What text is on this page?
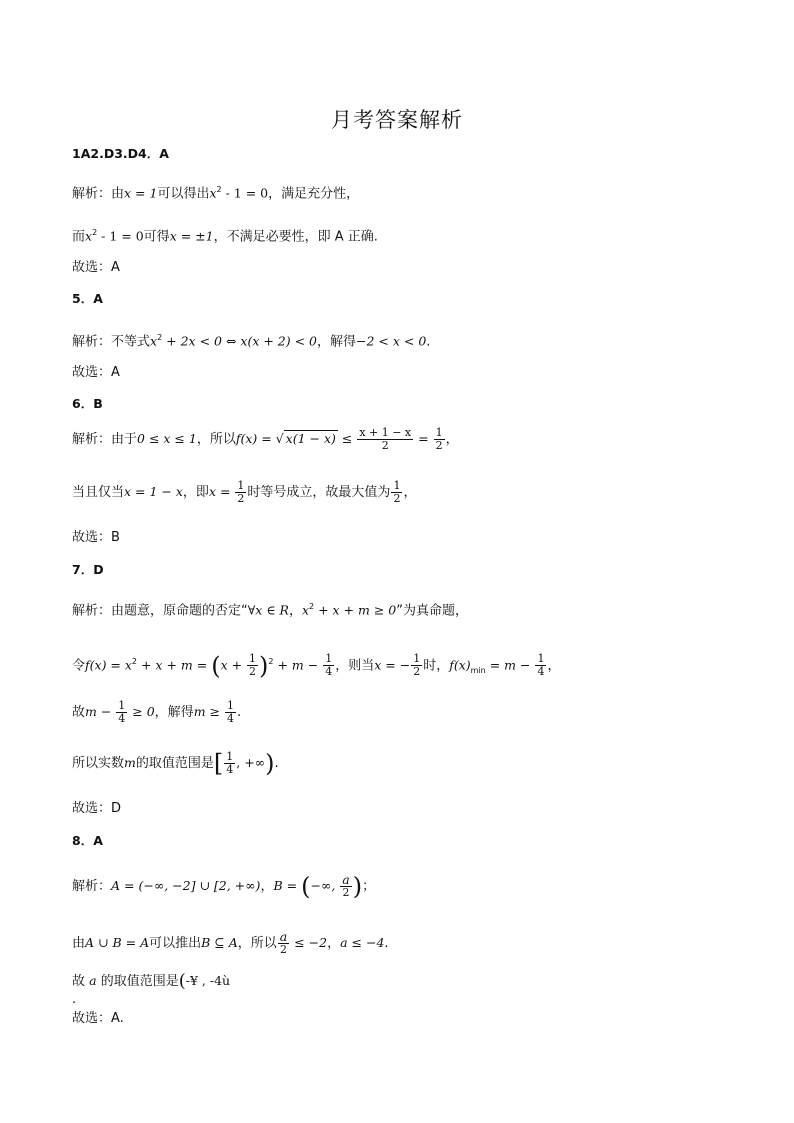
月考答案解析
1A2.D3.D4．A
解析：由x = 1可以得出$x^2 - 1 = 0$，满足充分性，
而$x^2 - 1 = 0$可得x = ±1，不满足必要性，即 A 正确.
故选：A
5．A
解析：不等式$x^2 + 2x < 0$ ⇔ x(x + 2) < 0，解得−2 < x < 0.
故选：A
6．B
解析：由于0 ≤ x ≤ 1，所以f(x) = √ $x(1 - x) \le \frac{x + 1 - x}{2} = \frac{1}{2}$ ，
当且仅当x = 1 − x，即$x = \frac{1}{2}$ 时等号成立，故最大值为 $\frac{1}{2}$ ，
故选：B
7．D
解析：由题意，原命题的否定“∀x ∈ R，$x^2 + x + m \ge 0$”为真命题，
令$f(x) = x^2 + x + m = (x + \frac{1}{2} )^2 + m - \frac{1}{4}$ ，则当x = − $\frac{1}{2}$ 时，$f(x)_{min} = m - \frac{1}{4}$ ，
故$m - \frac{1}{4} \ge 0$，解得$m \ge \frac{1}{4}$ .
所以实数m的取值范围是[ $\frac{1}{4}$ , +∞).
故选：D
8．A
解析：A = (−∞, −2] ∪ [2, +∞)，B = (−∞, $\frac{a}{2}$ )；
由A ∪ B = A可以推出B ⊆ A，所以 $\frac{a}{2} \le -2$，a ≤ −4.
故 a 的取值范围是(-¥ , -4ù
.
故选：A.
